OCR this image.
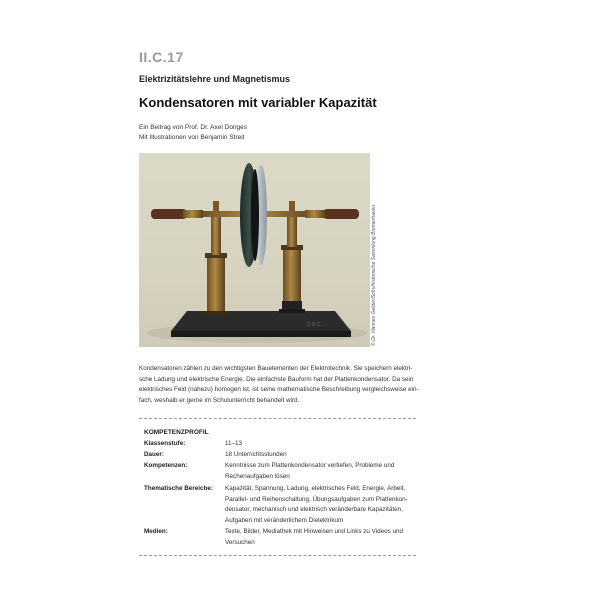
II.C.17
Elektrizitätslehre und Magnetismus
Kondensatoren mit variabler Kapazität
Ein Beitrag von Prof. Dr. Axel Donges
Mit Illustrationen von Benjamin Streit
D.R.C.	© Dr. Hannes Gelder/Schulhistorische Sammlung Bremerhaven

Kondensatoren zählen zu den wichtigsten Bauelementen der Elektrotechnik. Sie speichern elektri-

sche Ladung und elektrische Energie. Die einfachste Bauform hat der Plattenkondensator. Da sein

elektrisches Feld (nahezu) homogen ist, ist seine mathematische Beschreibung vergleichsweise ein-

fach, weshalb er gerne im Schulunterricht behandelt wird.

KOMPETENZPROFIL
Klassenstufe:	11–13
Dauer:	18 Unterrichtsstunden
Kompetenzen:	Kenntnisse zum Plattenkondensator vertiefen, Probleme und
Rechenaufgaben lösen
Thematische Bereiche:	Kapazität, Spannung, Ladung, elektrisches Feld, Energie, Arbeit,
Parallel- und Reihenschaltung, Übungsaufgaben zum Plattenkon-
densator, mechanisch und elektrisch veränderbare Kapazitäten,
Aufgaben mit veränderlichem Dielektrikum
Medien:	Texte, Bilder, Mediathek mit Hinweisen und Links zu Videos und
Versuchen
